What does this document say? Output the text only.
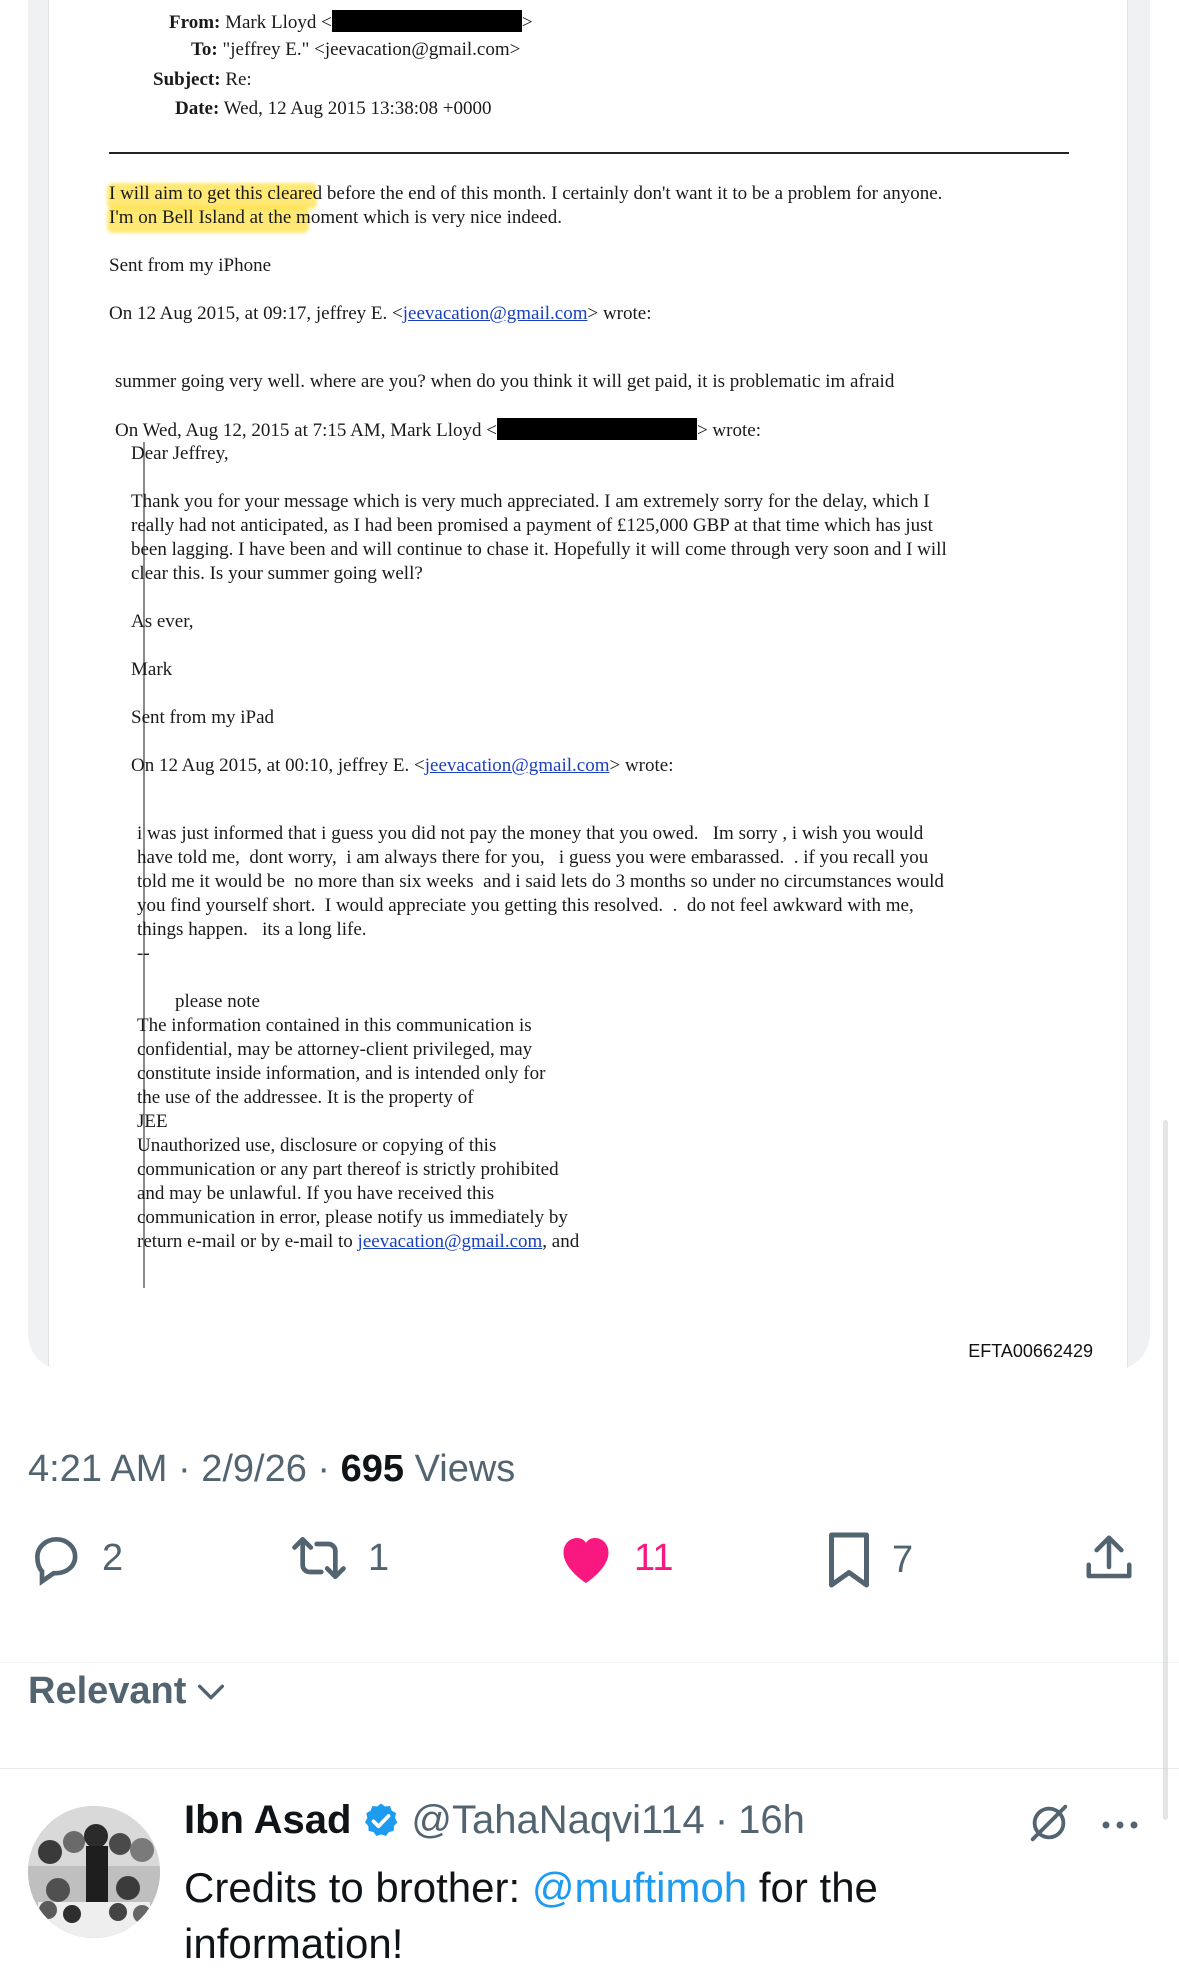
From: Mark Lloyd <	>
To: "jeffrey E." <jeevacation@gmail.com>
Subject: Re:
Date: Wed, 12 Aug 2015 13:38:08 +0000
I will aim to get this cleared before the end of this month. I certainly don't want it to be a problem for anyone.
I'm on Bell Island at the moment which is very nice indeed.
Sent from my iPhone
On 12 Aug 2015, at 09:17, jeffrey E. <jeevacation@gmail.com> wrote:
summer going very well. where are you? when do you think it will get paid, it is problematic im afraid
On Wed, Aug 12, 2015 at 7:15 AM, Mark Lloyd <	> wrote:
Dear Jeffrey,
Thank you for your message which is very much appreciated. I am extremely sorry for the delay, which I
really had not anticipated, as I had been promised a payment of £125,000 GBP at that time which has just
been lagging. I have been and will continue to chase it. Hopefully it will come through very soon and I will
clear this. Is your summer going well?
As ever,
Mark
Sent from my iPad
On 12 Aug 2015, at 00:10, jeffrey E. <jeevacation@gmail.com> wrote:
i was just informed that i guess you did not pay the money that you owed.   Im sorry , i wish you would
have told me,  dont worry,  i am always there for you,   i guess you were embarassed.  . if you recall you
told me it would be  no more than six weeks  and i said lets do 3 months so under no circumstances would
you find yourself short.  I would appreciate you getting this resolved.  .  do not feel awkward with me,
things happen.   its a long life.
--
please note
The information contained in this communication is
confidential, may be attorney-client privileged, may
constitute inside information, and is intended only for
the use of the addressee. It is the property of
JEE
Unauthorized use, disclosure or copying of this
communication or any part thereof is strictly prohibited
and may be unlawful. If you have received this
communication in error, please notify us immediately by
return e-mail or by e-mail to jeevacation@gmail.com, and
EFTA00662429
4:21 AM · 2/9/26 · 695 Views
2	1	11	7
Relevant
Ibn Asad @TahaNaqvi114 · 16h
Credits to brother: @muftimoh for the information!
